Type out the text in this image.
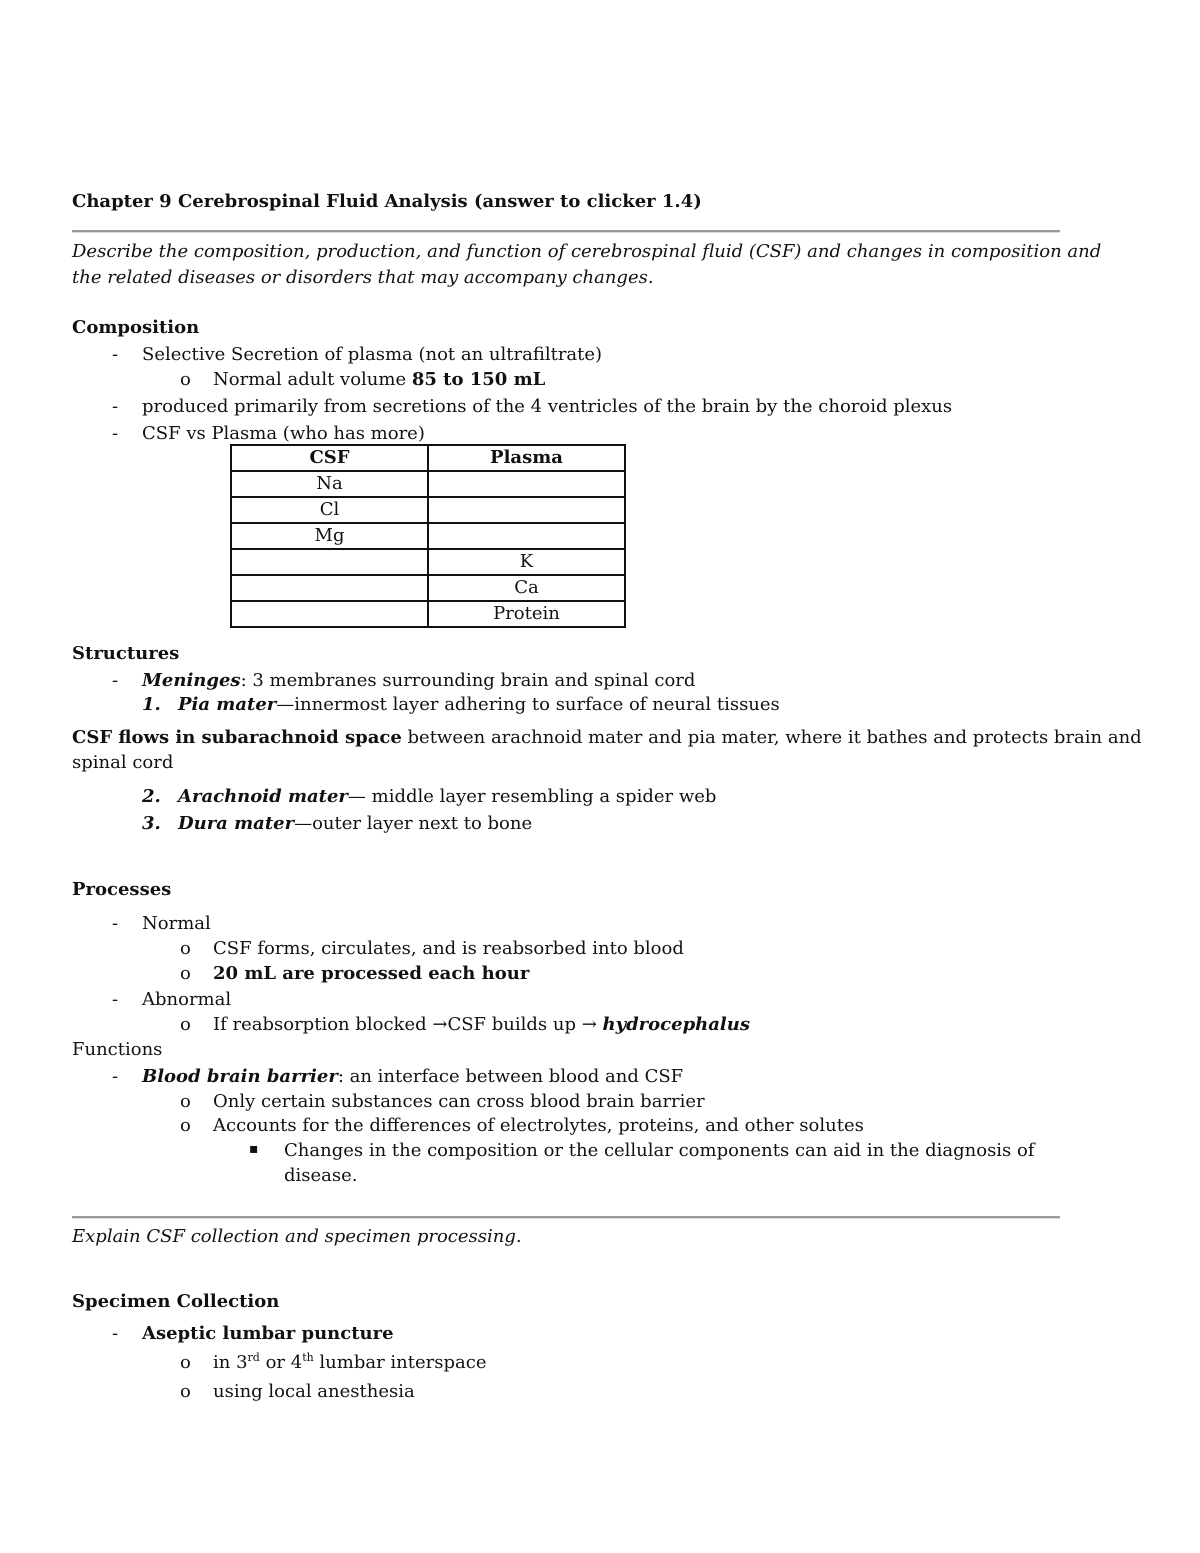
Chapter 9 Cerebrospinal Fluid Analysis (answer to clicker 1.4)
Describe the composition, production, and function of cerebrospinal fluid (CSF) and changes in composition and
the related diseases or disorders that may accompany changes.
Composition
- Selective Secretion of plasma (not an ultrafiltrate)
o Normal adult volume 85 to 150 mL
- produced primarily from secretions of the 4 ventricles of the brain by the choroid plexus
- CSF vs Plasma (who has more)
CSF	Plasma
Na	
Cl	
Mg	
	K
	Ca
	Protein
Structures
- Meninges: 3 membranes surrounding brain and spinal cord
1. Pia mater—innermost layer adhering to surface of neural tissues
CSF flows in subarachnoid space between arachnoid mater and pia mater, where it bathes and protects brain and
spinal cord
2. Arachnoid mater— middle layer resembling a spider web
3. Dura mater—outer layer next to bone
Processes
- Normal
o CSF forms, circulates, and is reabsorbed into blood
o 20 mL are processed each hour
- Abnormal
o If reabsorption blocked →CSF builds up → hydrocephalus
Functions
- Blood brain barrier: an interface between blood and CSF
o Only certain substances can cross blood brain barrier
o Accounts for the differences of electrolytes, proteins, and other solutes
▪ Changes in the composition or the cellular components can aid in the diagnosis of
disease.
Explain CSF collection and specimen processing.
Specimen Collection
- Aseptic lumbar puncture
o in 3rd or 4th lumbar interspace
o using local anesthesia
